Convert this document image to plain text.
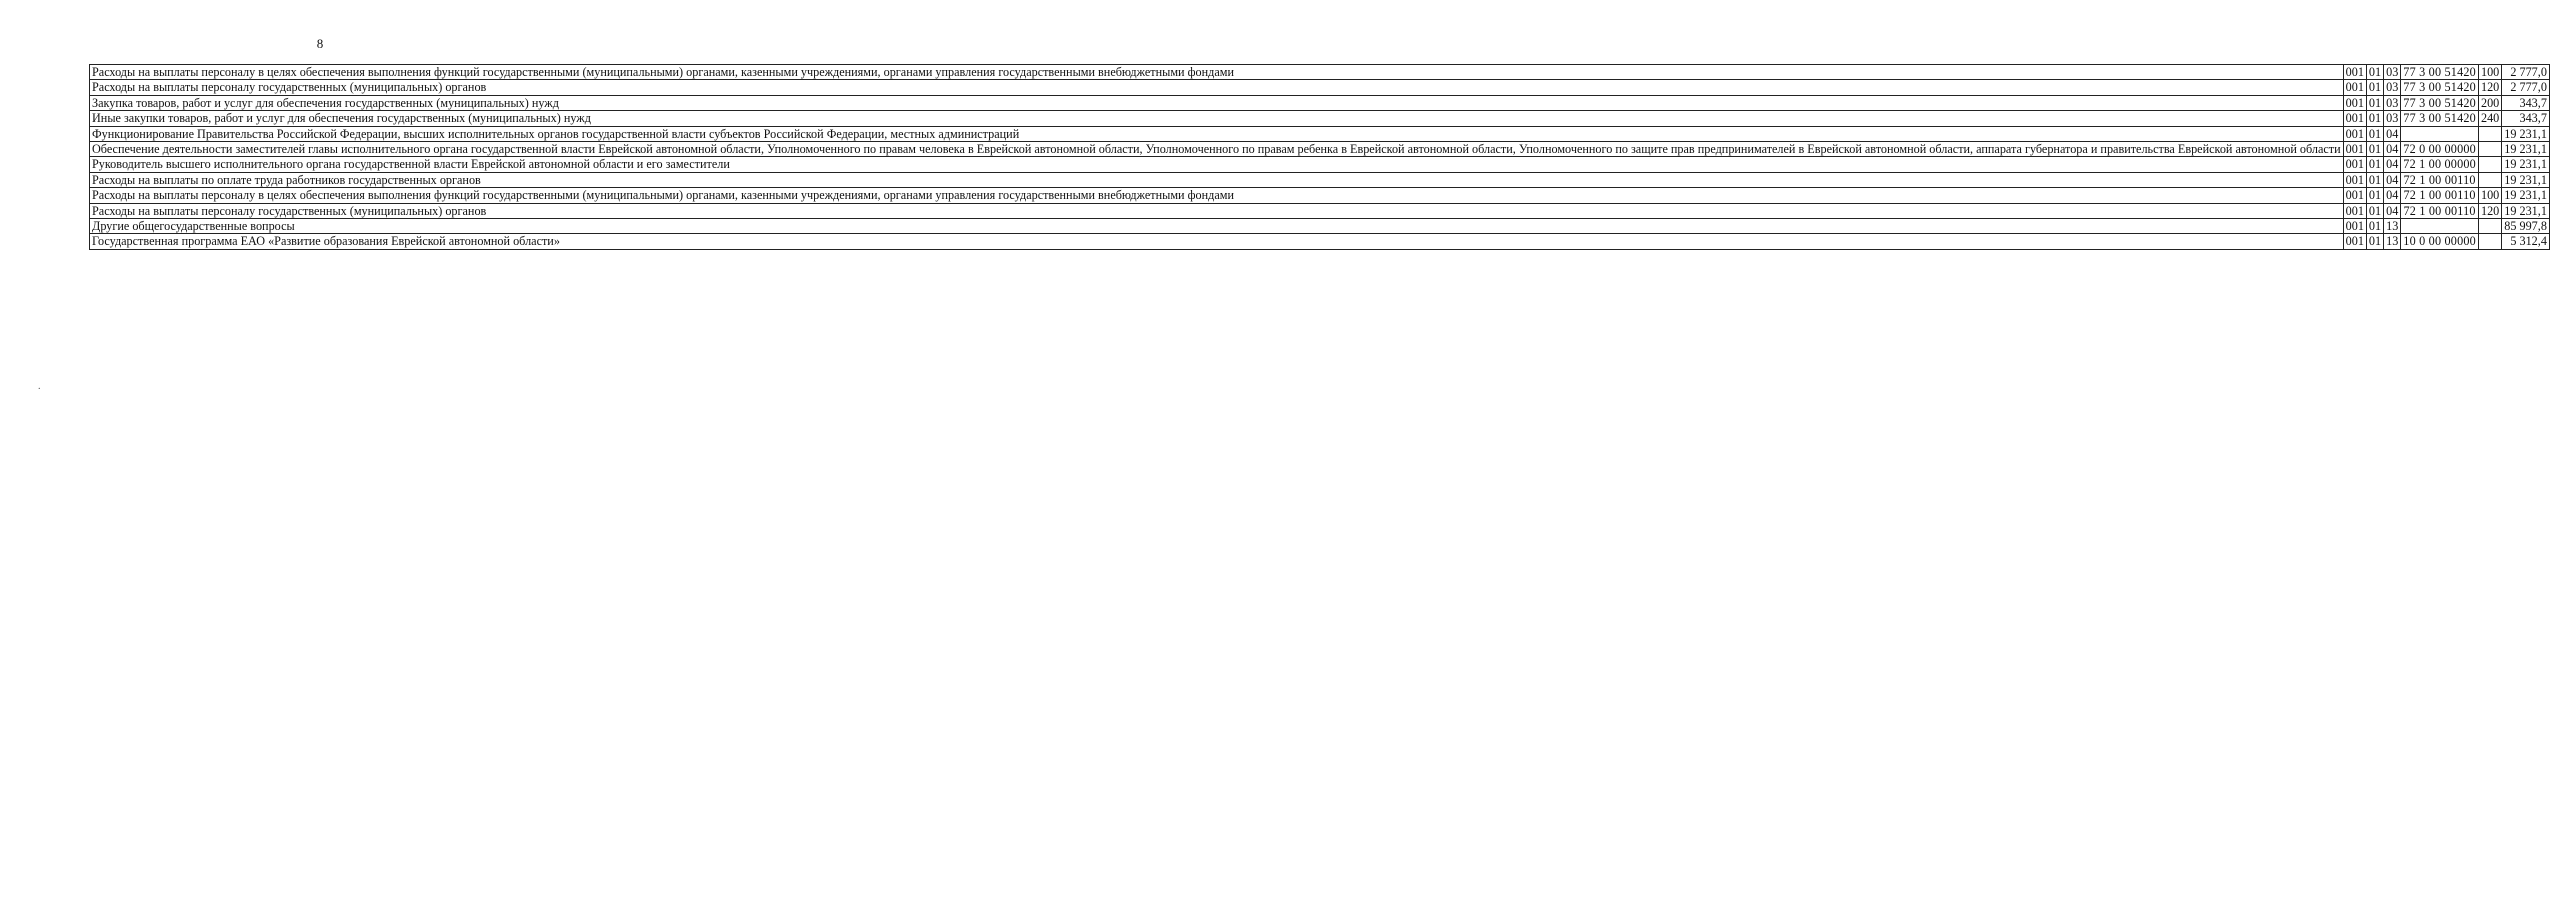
8
.
Расходы на выплаты персоналу в целях обеспечения выполнения функций государственными (муниципальными) органами, казенными учреждениями, органами управления государственными внебюджетными фондами	001	01	03	77 3 00 51420	100	2 777,0
Расходы на выплаты персоналу государственных (муниципальных) органов	001	01	03	77 3 00 51420	120	2 777,0
Закупка товаров, работ и услуг для обеспечения государственных (муниципальных) нужд	001	01	03	77 3 00 51420	200	343,7
Иные закупки товаров, работ и услуг для обеспечения государственных (муниципальных) нужд	001	01	03	77 3 00 51420	240	343,7
Функционирование Правительства Российской Федерации, высших исполнительных органов государственной власти субъектов Российской Федерации, местных администраций	001	01	04			19 231,1
Обеспечение деятельности заместителей главы исполнительного органа государственной власти Еврейской автономной области, Уполномоченного по правам человека в Еврейской автономной области, Уполномоченного по правам ребенка в Еврейской автономной области, Уполномоченного по защите прав предпринимателей в Еврейской автономной области, аппарата губернатора и правительства Еврейской автономной области	001	01	04	72 0 00 00000		19 231,1
Руководитель высшего исполнительного органа государственной власти Еврейской автономной области и его заместители	001	01	04	72 1 00 00000		19 231,1
Расходы на выплаты по оплате труда работников государственных органов	001	01	04	72 1 00 00110		19 231,1
Расходы на выплаты персоналу в целях обеспечения выполнения функций государственными (муниципальными) органами, казенными учреждениями, органами управления государственными внебюджетными фондами	001	01	04	72 1 00 00110	100	19 231,1
Расходы на выплаты персоналу государственных (муниципальных) органов	001	01	04	72 1 00 00110	120	19 231,1
Другие общегосударственные вопросы	001	01	13			85 997,8
Государственная программа ЕАО «Развитие образования Еврейской автономной области»	001	01	13	10 0 00 00000		5 312,4
